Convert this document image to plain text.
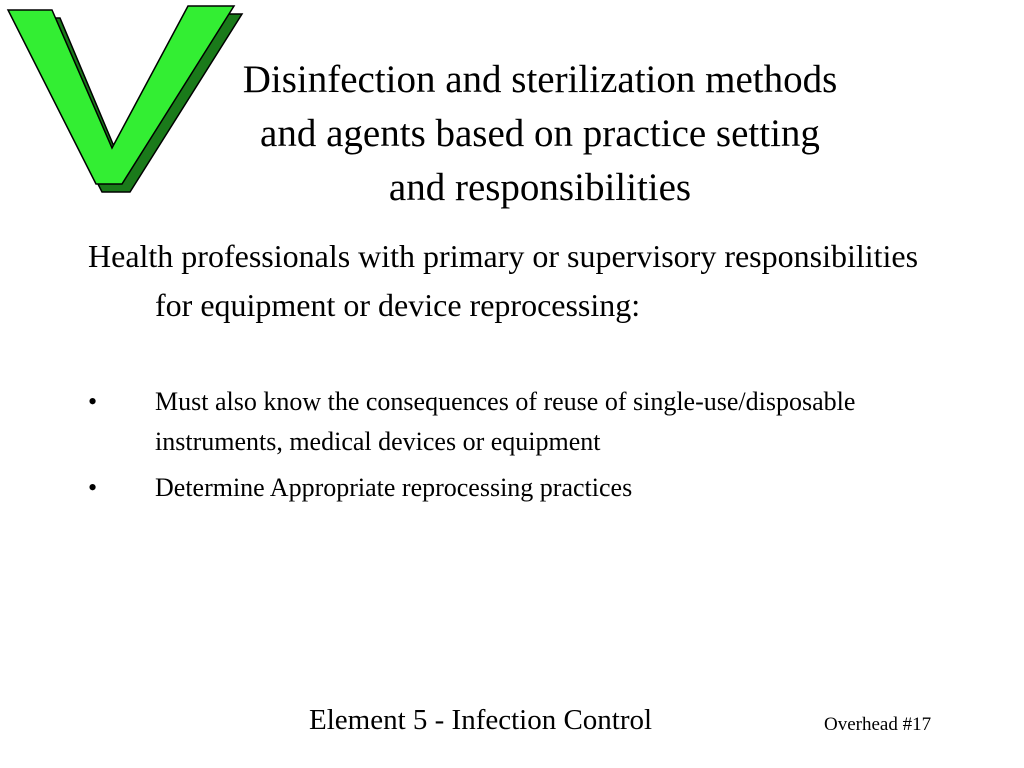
Disinfection and sterilization methods
and agents based on practice setting
and responsibilities
Health professionals with primary or supervisory responsibilities for equipment or device reprocessing:
• Must also know the consequences of reuse of single-use/disposable instruments, medical devices or equipment
• Determine Appropriate reprocessing practices
Element 5 - Infection Control	Overhead #17
